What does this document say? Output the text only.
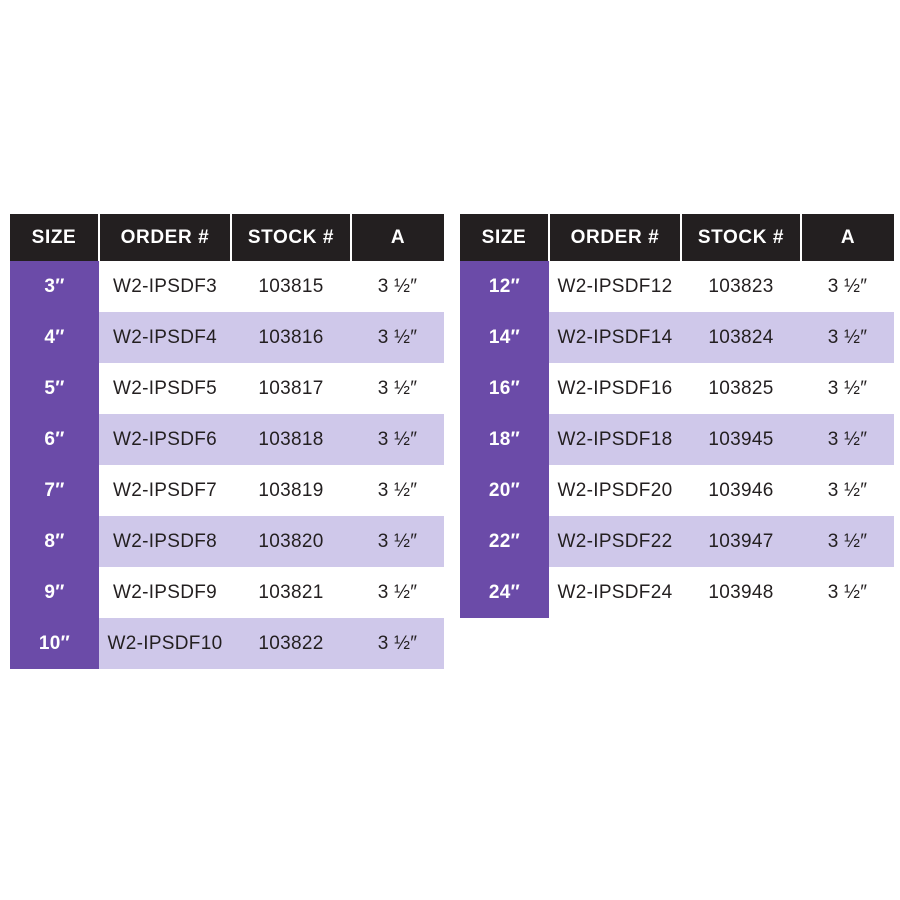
SIZE	ORDER #	STOCK #	A
3″	W2-IPSDF3	103815	3 ½″
4″	W2-IPSDF4	103816	3 ½″
5″	W2-IPSDF5	103817	3 ½″
6″	W2-IPSDF6	103818	3 ½″
7″	W2-IPSDF7	103819	3 ½″
8″	W2-IPSDF8	103820	3 ½″
9″	W2-IPSDF9	103821	3 ½″
10″	W2-IPSDF10	103822	3 ½″
SIZE	ORDER #	STOCK #	A
12″	W2-IPSDF12	103823	3 ½″
14″	W2-IPSDF14	103824	3 ½″
16″	W2-IPSDF16	103825	3 ½″
18″	W2-IPSDF18	103945	3 ½″
20″	W2-IPSDF20	103946	3 ½″
22″	W2-IPSDF22	103947	3 ½″
24″	W2-IPSDF24	103948	3 ½″
